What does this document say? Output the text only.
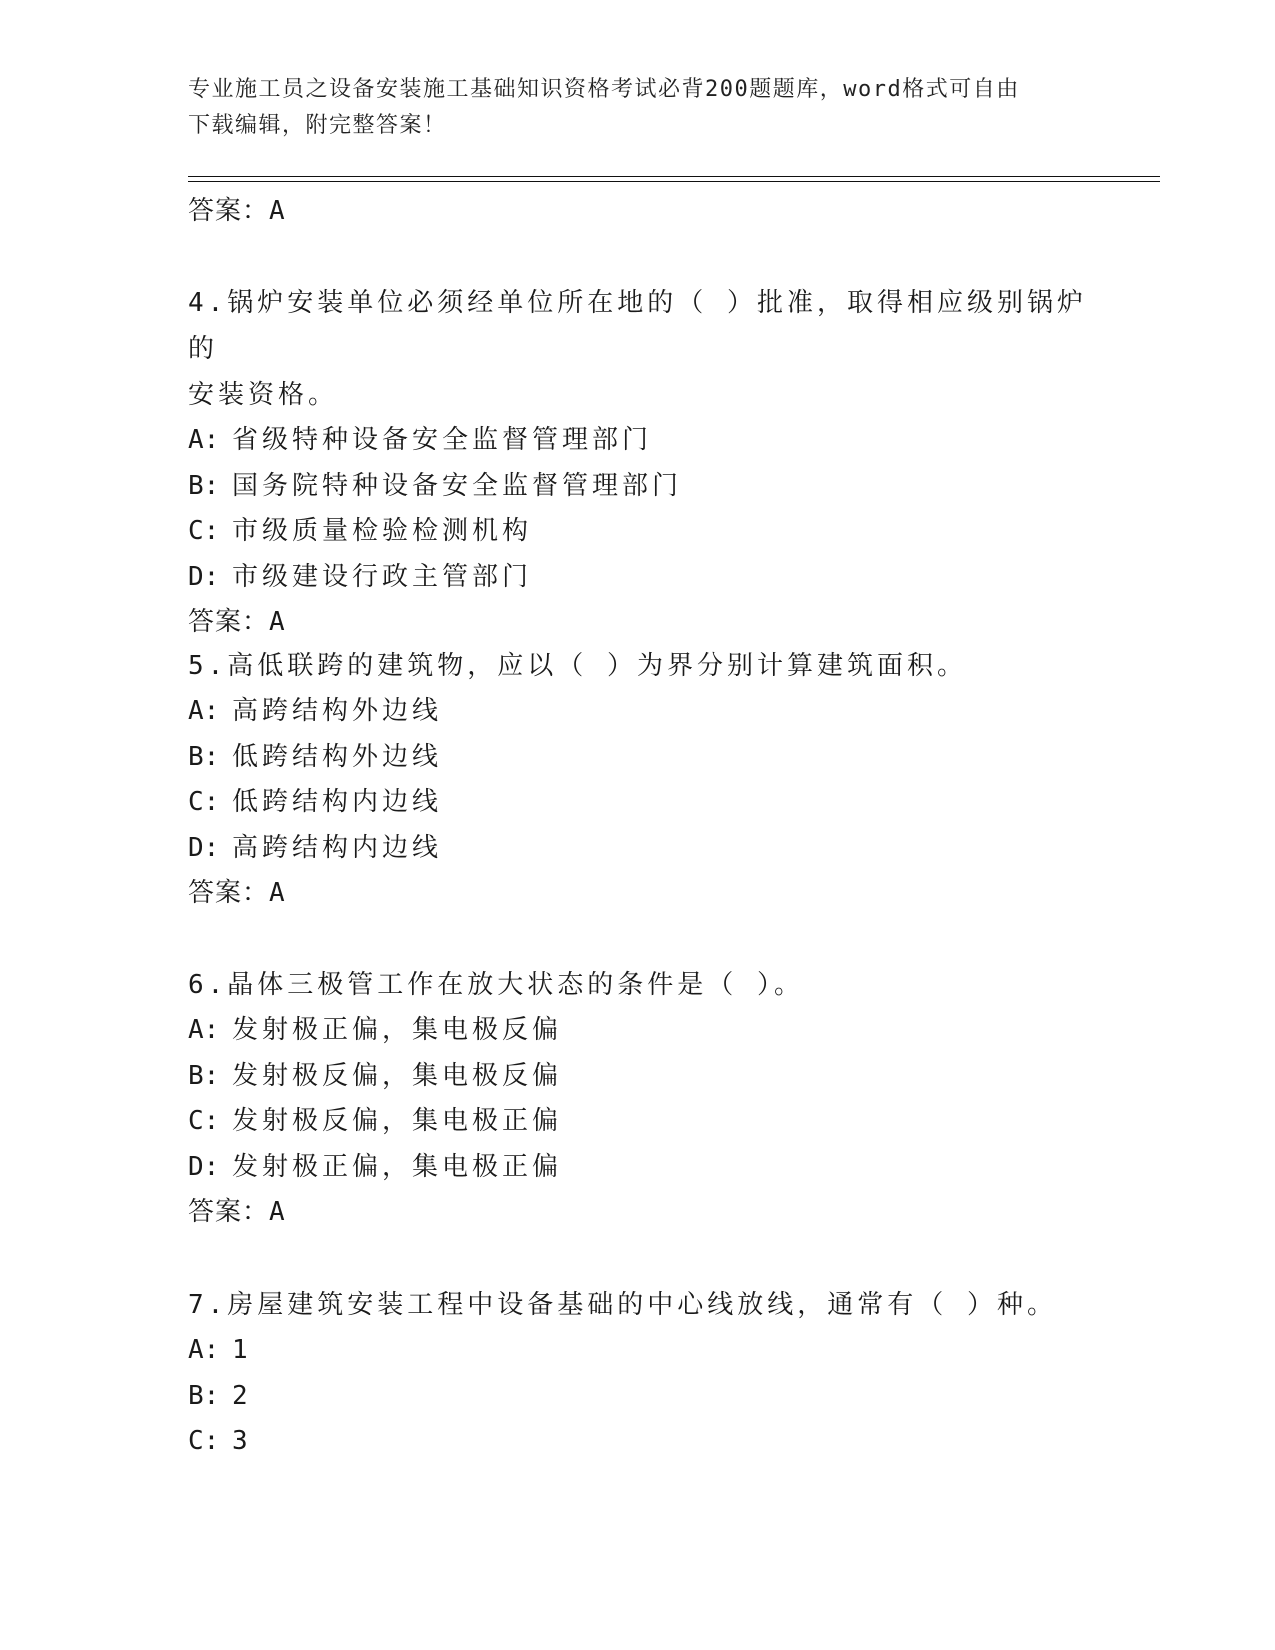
专业施工员之设备安装施工基础知识资格考试必背200题题库，word格式可自由
下载编辑，附完整答案！
答案：A

4.锅炉安装单位必须经单位所在地的（ ）批准，取得相应级别锅炉的
安装资格。

A: 省级特种设备安全监督管理部门

B: 国务院特种设备安全监督管理部门

C: 市级质量检验检测机构

D: 市级建设行政主管部门

答案：A

5.高低联跨的建筑物，应以（ ）为界分别计算建筑面积。

A: 高跨结构外边线

B: 低跨结构外边线

C: 低跨结构内边线

D: 高跨结构内边线

答案：A

6.晶体三极管工作在放大状态的条件是（ ）。

A: 发射极正偏，集电极反偏

B: 发射极反偏，集电极反偏

C: 发射极反偏，集电极正偏

D: 发射极正偏，集电极正偏

答案：A

7.房屋建筑安装工程中设备基础的中心线放线，通常有（ ）种。

A: 1

B: 2

C: 3
